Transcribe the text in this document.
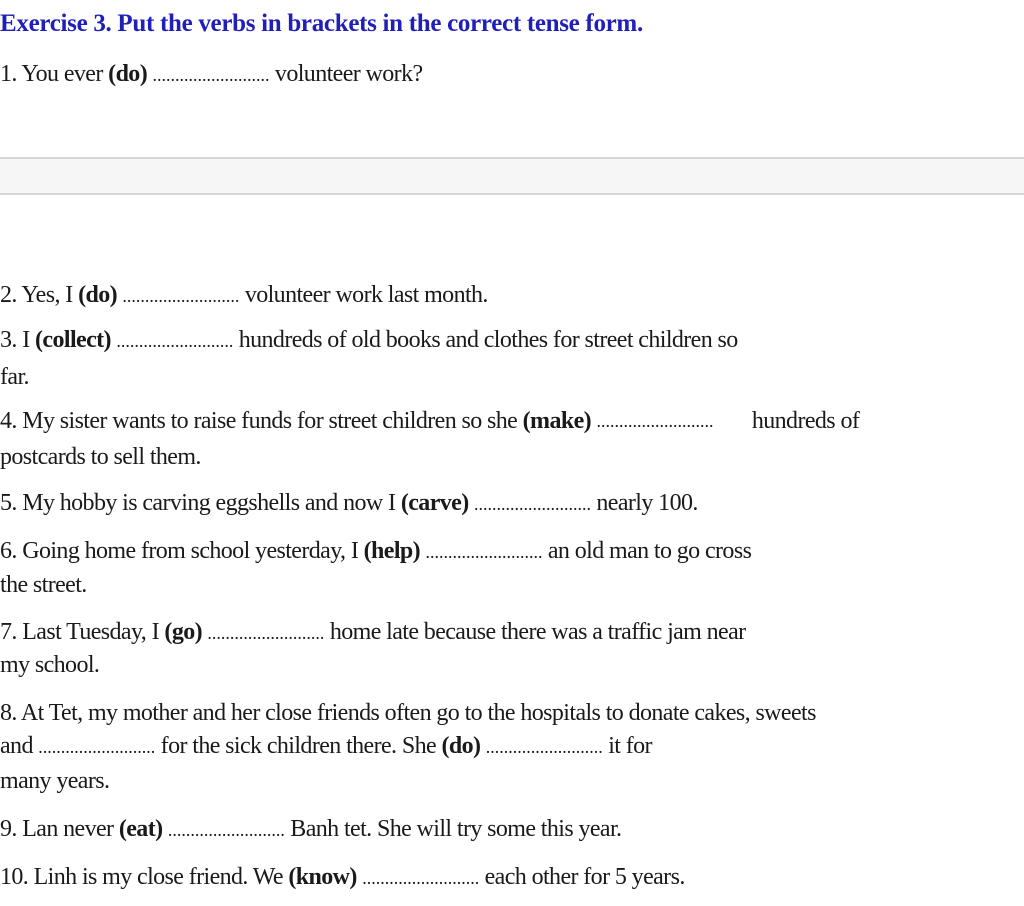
Exercise 3. Put the verbs in brackets in the correct tense form.
1. You ever (do) .......................... volunteer work?
2. Yes, I (do) .......................... volunteer work last month.
3. I (collect) .......................... hundreds of old books and clothes for street children so
far.
4. My sister wants to raise funds for street children so she (make) .......................... hundreds of
postcards to sell them.
5. My hobby is carving eggshells and now I (carve) .......................... nearly 100.
6. Going home from school yesterday, I (help) .......................... an old man to go cross
the street.
7. Last Tuesday, I (go) .......................... home late because there was a traffic jam near
my school.
8. At Tet, my mother and her close friends often go to the hospitals to donate cakes, sweets
and .......................... for the sick children there. She (do) .......................... it for
many years.
9. Lan never (eat) .......................... Banh tet. She will try some this year.
10. Linh is my close friend. We (know) .......................... each other for 5 years.
